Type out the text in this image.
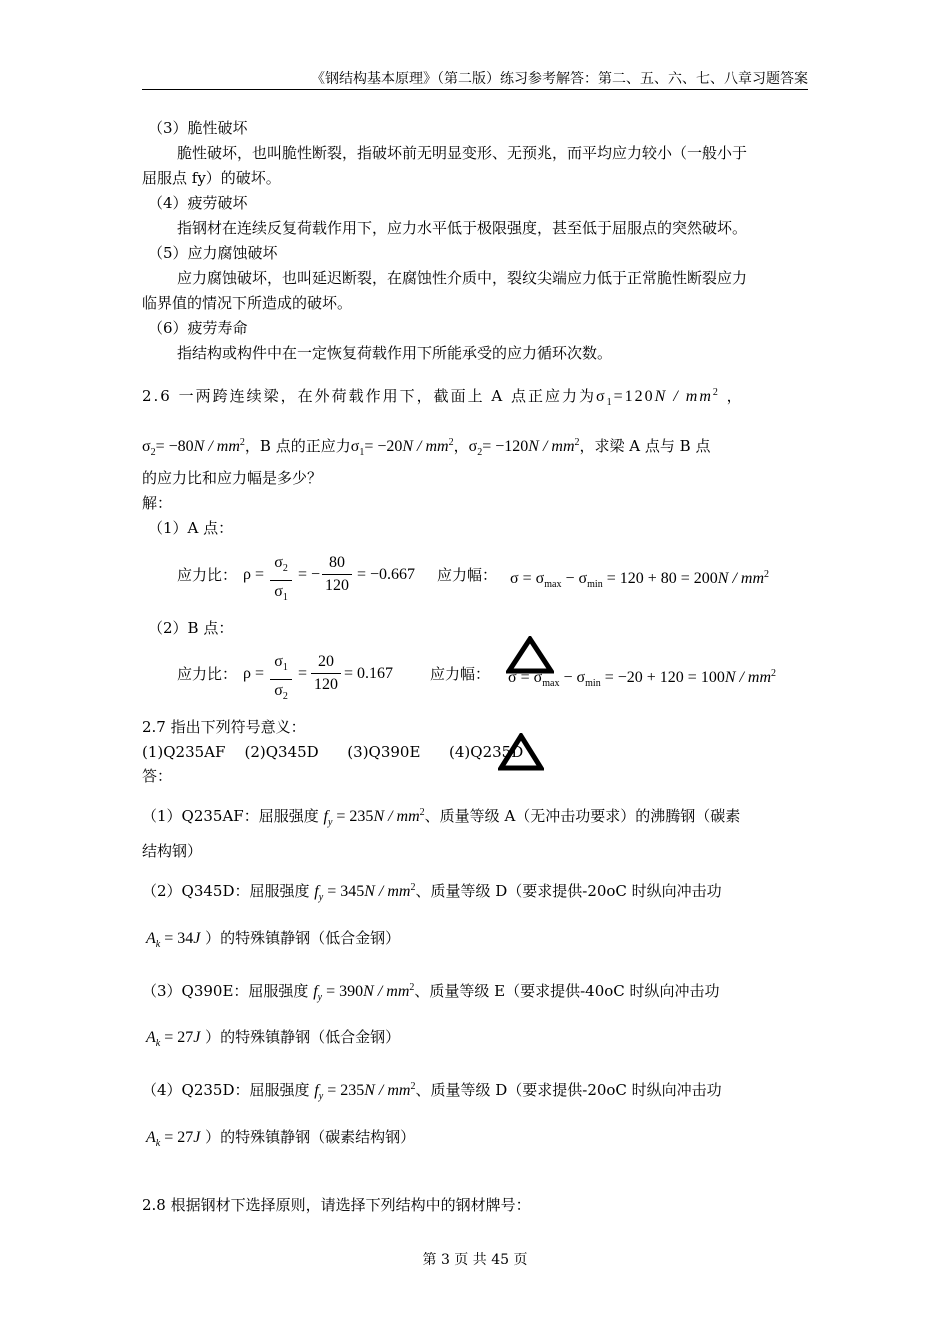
《钢结构基本原理》（第二版）练习参考解答：第二、五、六、七、八章习题答案
（3）脆性破坏
脆性破坏，也叫脆性断裂，指破坏前无明显变形、无预兆，而平均应力较小（一般小于
屈服点 fy）的破坏。
（4）疲劳破坏
指钢材在连续反复荷载作用下，应力水平低于极限强度，甚至低于屈服点的突然破坏。
（5）应力腐蚀破坏
应力腐蚀破坏，也叫延迟断裂，在腐蚀性介质中，裂纹尖端应力低于正常脆性断裂应力
临界值的情况下所造成的破坏。
（6）疲劳寿命
指结构或构件中在一定恢复荷载作用下所能承受的应力循环次数。
2.6 一两跨连续梁，在外荷载作用下，截面上 A 点正应力为$\sigma_1=120N / mm^2$ ，
$\sigma_2= -80N / mm^2$，B 点的正应力$\sigma_1= -20N / mm^2$，$\sigma_2= -120N / mm^2$，求梁 A 点与 B 点
的应力比和应力幅是多少？
解：
（1）A 点：
应力比： ρ =
$\sigma_2$
$\sigma_1$
= −
80
120
= −0.667 应力幅： $\sigma = \sigma_{max} - \sigma_{min} = 120 + 80 = 200N / mm^2$
（2）B 点：
应力比： ρ =
$\sigma_1$
$\sigma_2$
=
20
120
= 0.167 应力幅： $\sigma = \sigma_{max} - \sigma_{min} = -20 + 120 = 100N / mm^2$
2.7 指出下列符号意义：
(1)Q235AF    (2)Q345D      (3)Q390E      (4)Q235D
答：
（1）Q235AF：屈服强度 $f_y = 235N / mm^2$、质量等级 A（无冲击功要求）的沸腾钢（碳素
结构钢）
（2）Q345D：屈服强度 $f_y = 345N / mm^2$、质量等级 D（要求提供-20oC 时纵向冲击功
$A_k = 34J$ ）的特殊镇静钢（低合金钢）
（3）Q390E：屈服强度 $f_y = 390N / mm^2$、质量等级 E（要求提供-40oC 时纵向冲击功
$A_k = 27J$ ）的特殊镇静钢（低合金钢）
（4）Q235D：屈服强度 $f_y = 235N / mm^2$、质量等级 D（要求提供-20oC 时纵向冲击功
$A_k = 27J$ ）的特殊镇静钢（碳素结构钢）
2.8 根据钢材下选择原则，请选择下列结构中的钢材牌号：
第 3 页 共 45 页
